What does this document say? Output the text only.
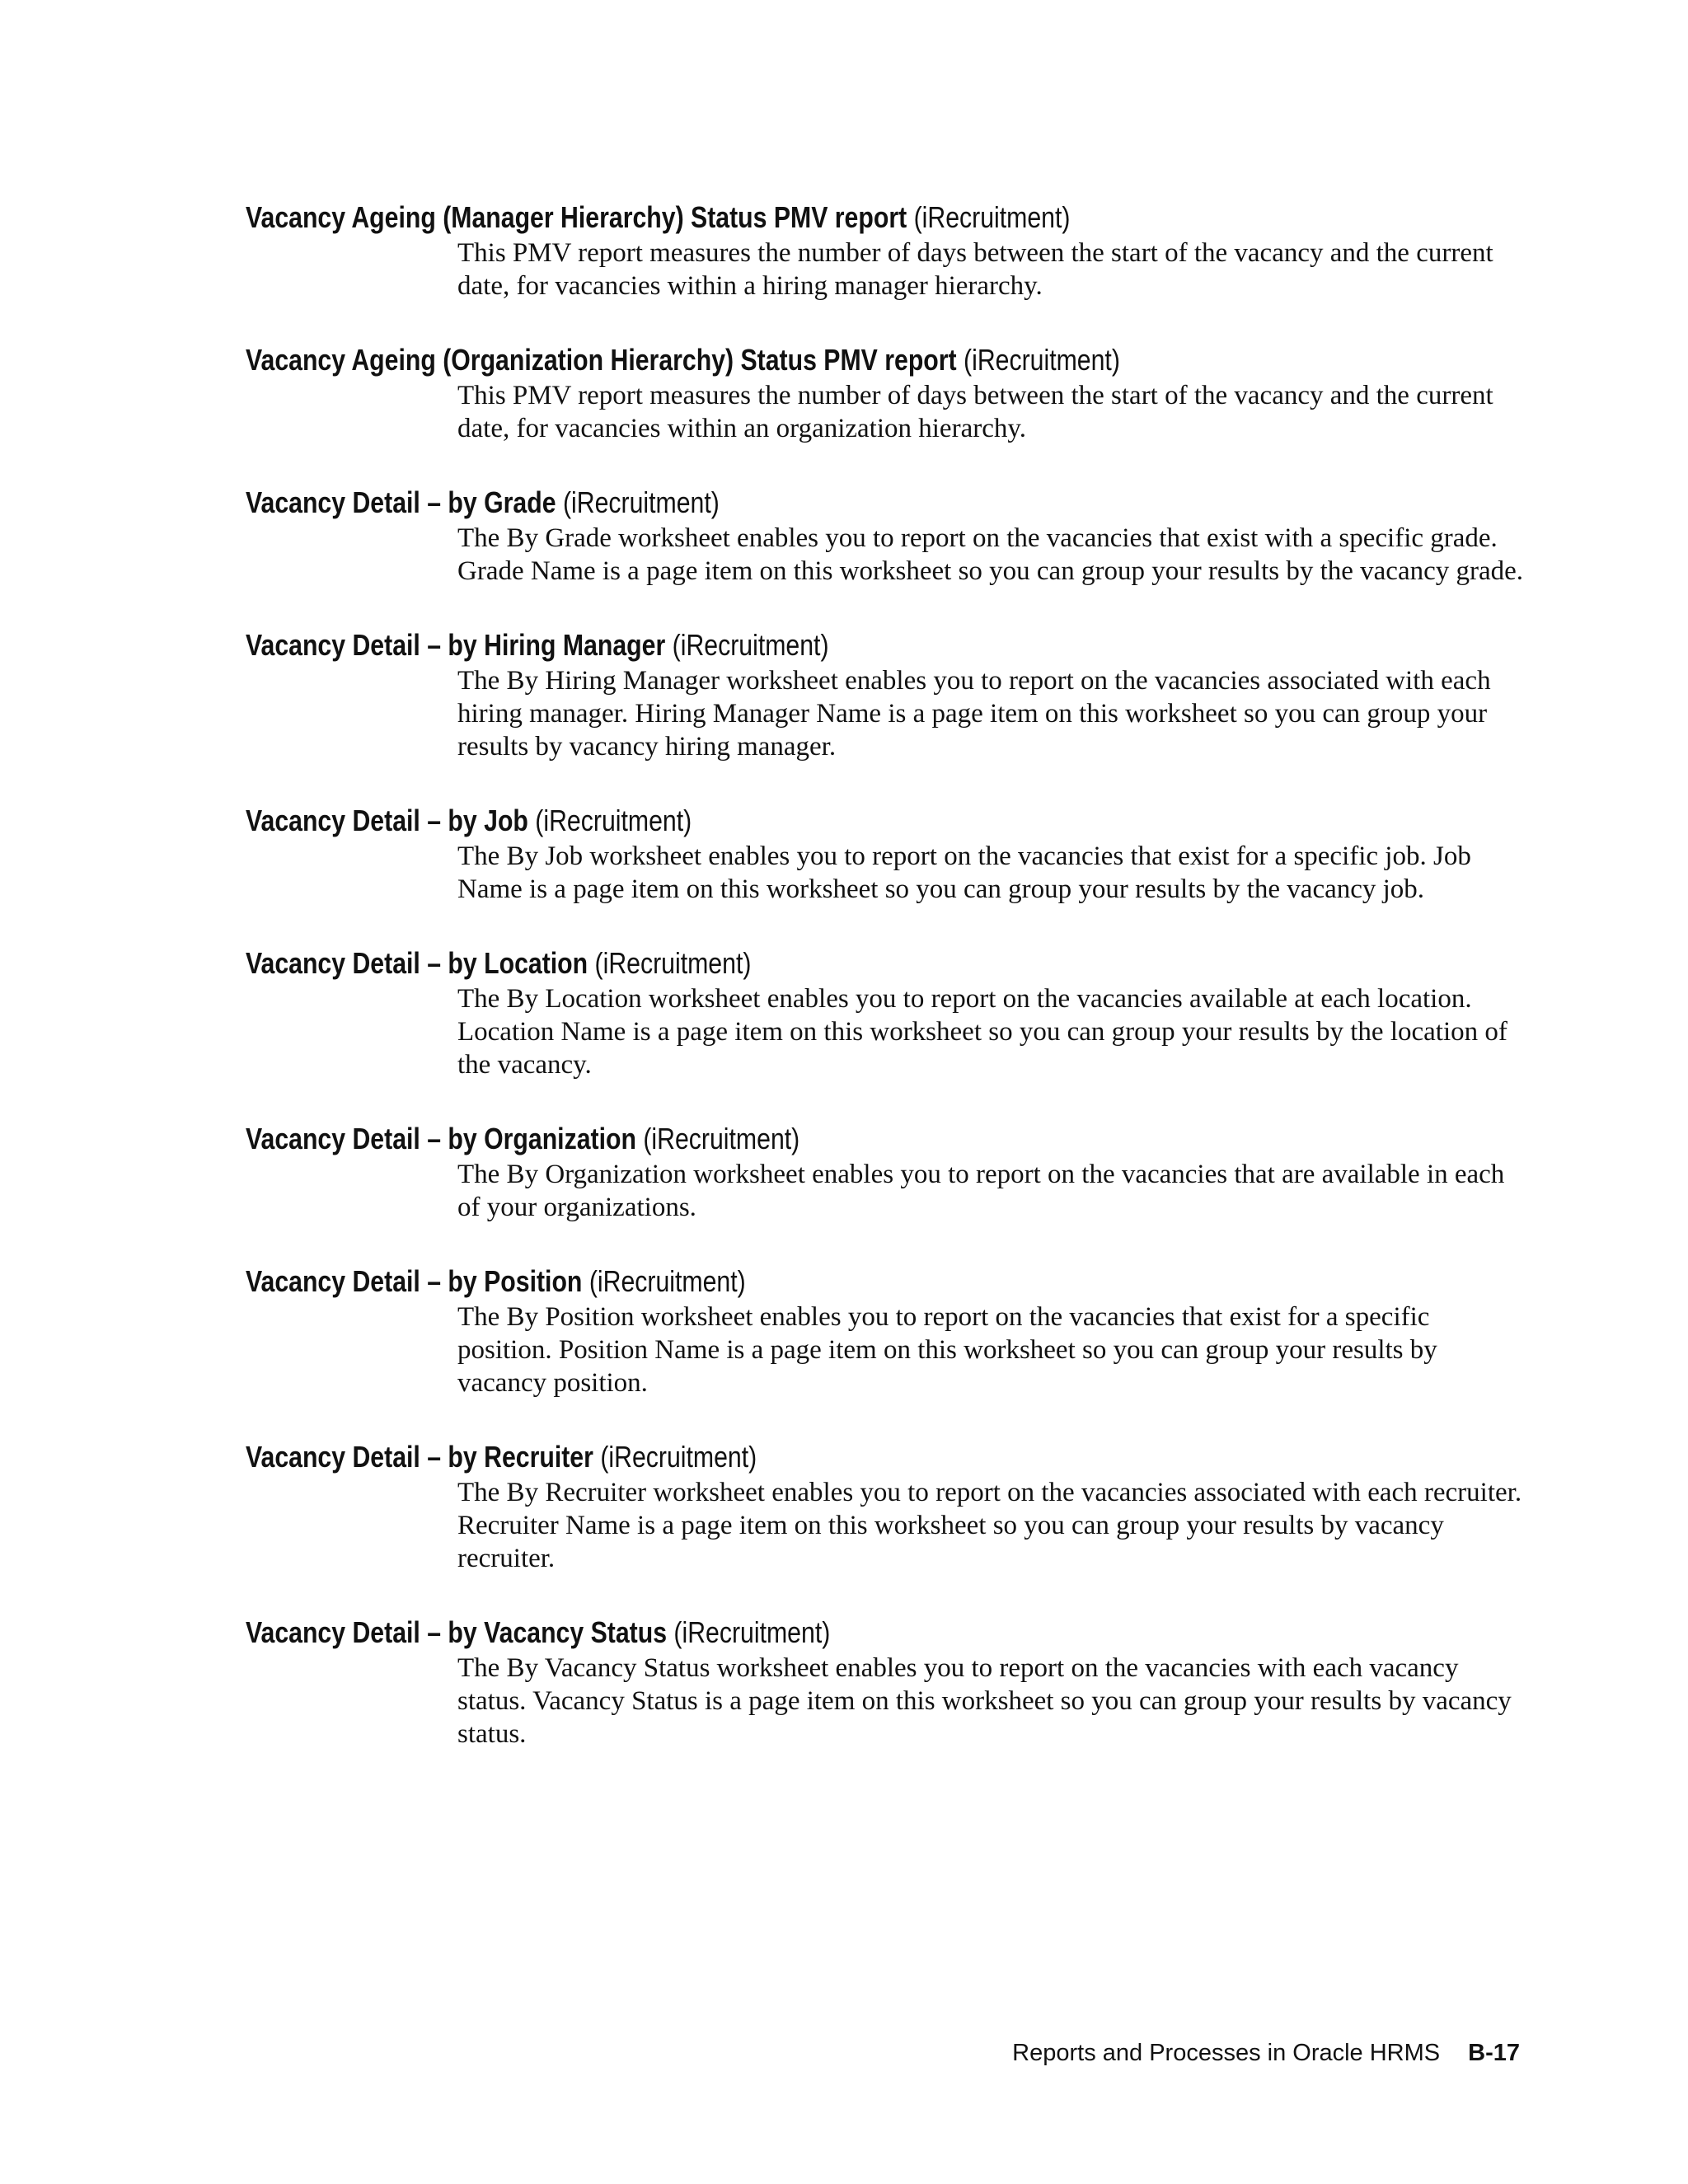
Vacancy Ageing (Manager Hierarchy) Status PMV report (iRecruitment)
This PMV report measures the number of days between the start of the vacancy and the current date, for vacancies within a hiring manager hierarchy.
Vacancy Ageing (Organization Hierarchy) Status PMV report (iRecruitment)
This PMV report measures the number of days between the start of the vacancy and the current date, for vacancies within an organization hierarchy.
Vacancy Detail – by Grade (iRecruitment)
The By Grade worksheet enables you to report on the vacancies that exist with a specific grade. Grade Name is a page item on this worksheet so you can group your results by the vacancy grade.
Vacancy Detail – by Hiring Manager (iRecruitment)
The By Hiring Manager worksheet enables you to report on the vacancies associated with each hiring manager. Hiring Manager Name is a page item on this worksheet so you can group your results by vacancy hiring manager.
Vacancy Detail – by Job (iRecruitment)
The By Job worksheet enables you to report on the vacancies that exist for a specific job. Job Name is a page item on this worksheet so you can group your results by the vacancy job.
Vacancy Detail – by Location (iRecruitment)
The By Location worksheet enables you to report on the vacancies available at each location. Location Name is a page item on this worksheet so you can group your results by the location of the vacancy.
Vacancy Detail – by Organization (iRecruitment)
The By Organization worksheet enables you to report on the vacancies that are available in each of your organizations.
Vacancy Detail – by Position (iRecruitment)
The By Position worksheet enables you to report on the vacancies that exist for a specific position. Position Name is a page item on this worksheet so you can group your results by vacancy position.
Vacancy Detail – by Recruiter (iRecruitment)
The By Recruiter worksheet enables you to report on the vacancies associated with each recruiter. Recruiter Name is a page item on this worksheet so you can group your results by vacancy recruiter.
Vacancy Detail – by Vacancy Status (iRecruitment)
The By Vacancy Status worksheet enables you to report on the vacancies with each vacancy status. Vacancy Status is a page item on this worksheet so you can group your results by vacancy status.
Reports and Processes in Oracle HRMS B-17
